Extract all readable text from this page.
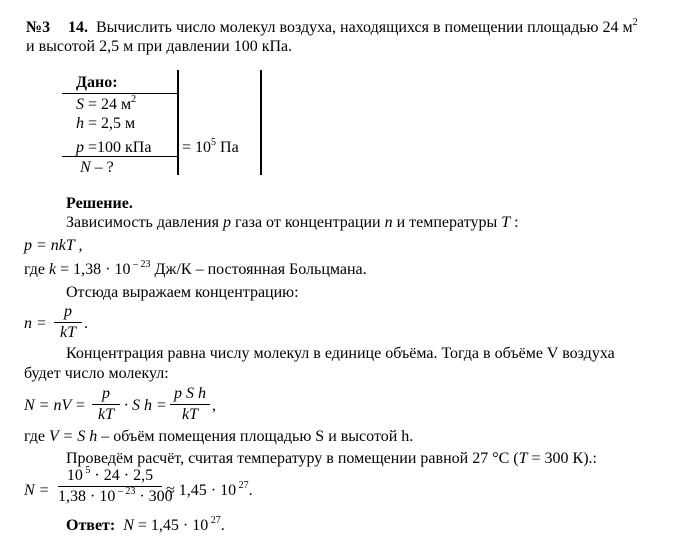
№3 14. Вычислить число молекул воздуха, находящихся в помещении площадью 24 $м^2$
и высотой 2,5 м при давлении 100 кПа.
Дано:
S = 24 $м^2$
h = 2,5 м
p =100 кПа
N – ?
= $10^5$ Па
Решение.
Зависимость давления p газа от концентрации n и температуры T :
p = nkT ,
где k = 1,38 · 10 $^{- 23}$ Дж/К – постоянная Больцмана.
Отсюда выражаем концентрацию:
n =
p
kT
.
Концентрация равна числу молекул в единице объёма. Тогда в объёме V воздуха
будет число молекул:
N = nV =
p
kT
· S h =
p S h
kT
,
где V = S h – объём помещения площадью S и высотой h.
Проведём расчёт, считая температуру в помещении равной 27 °С (T = 300 К).:
N =
10 $^5$ · 24 · 2,5
1,38 · 10 $^{- 23}$ · 300
≈ 1,45 · 10 $^{27}$.
Ответ: N = 1,45 · 10 $^{27}$.
